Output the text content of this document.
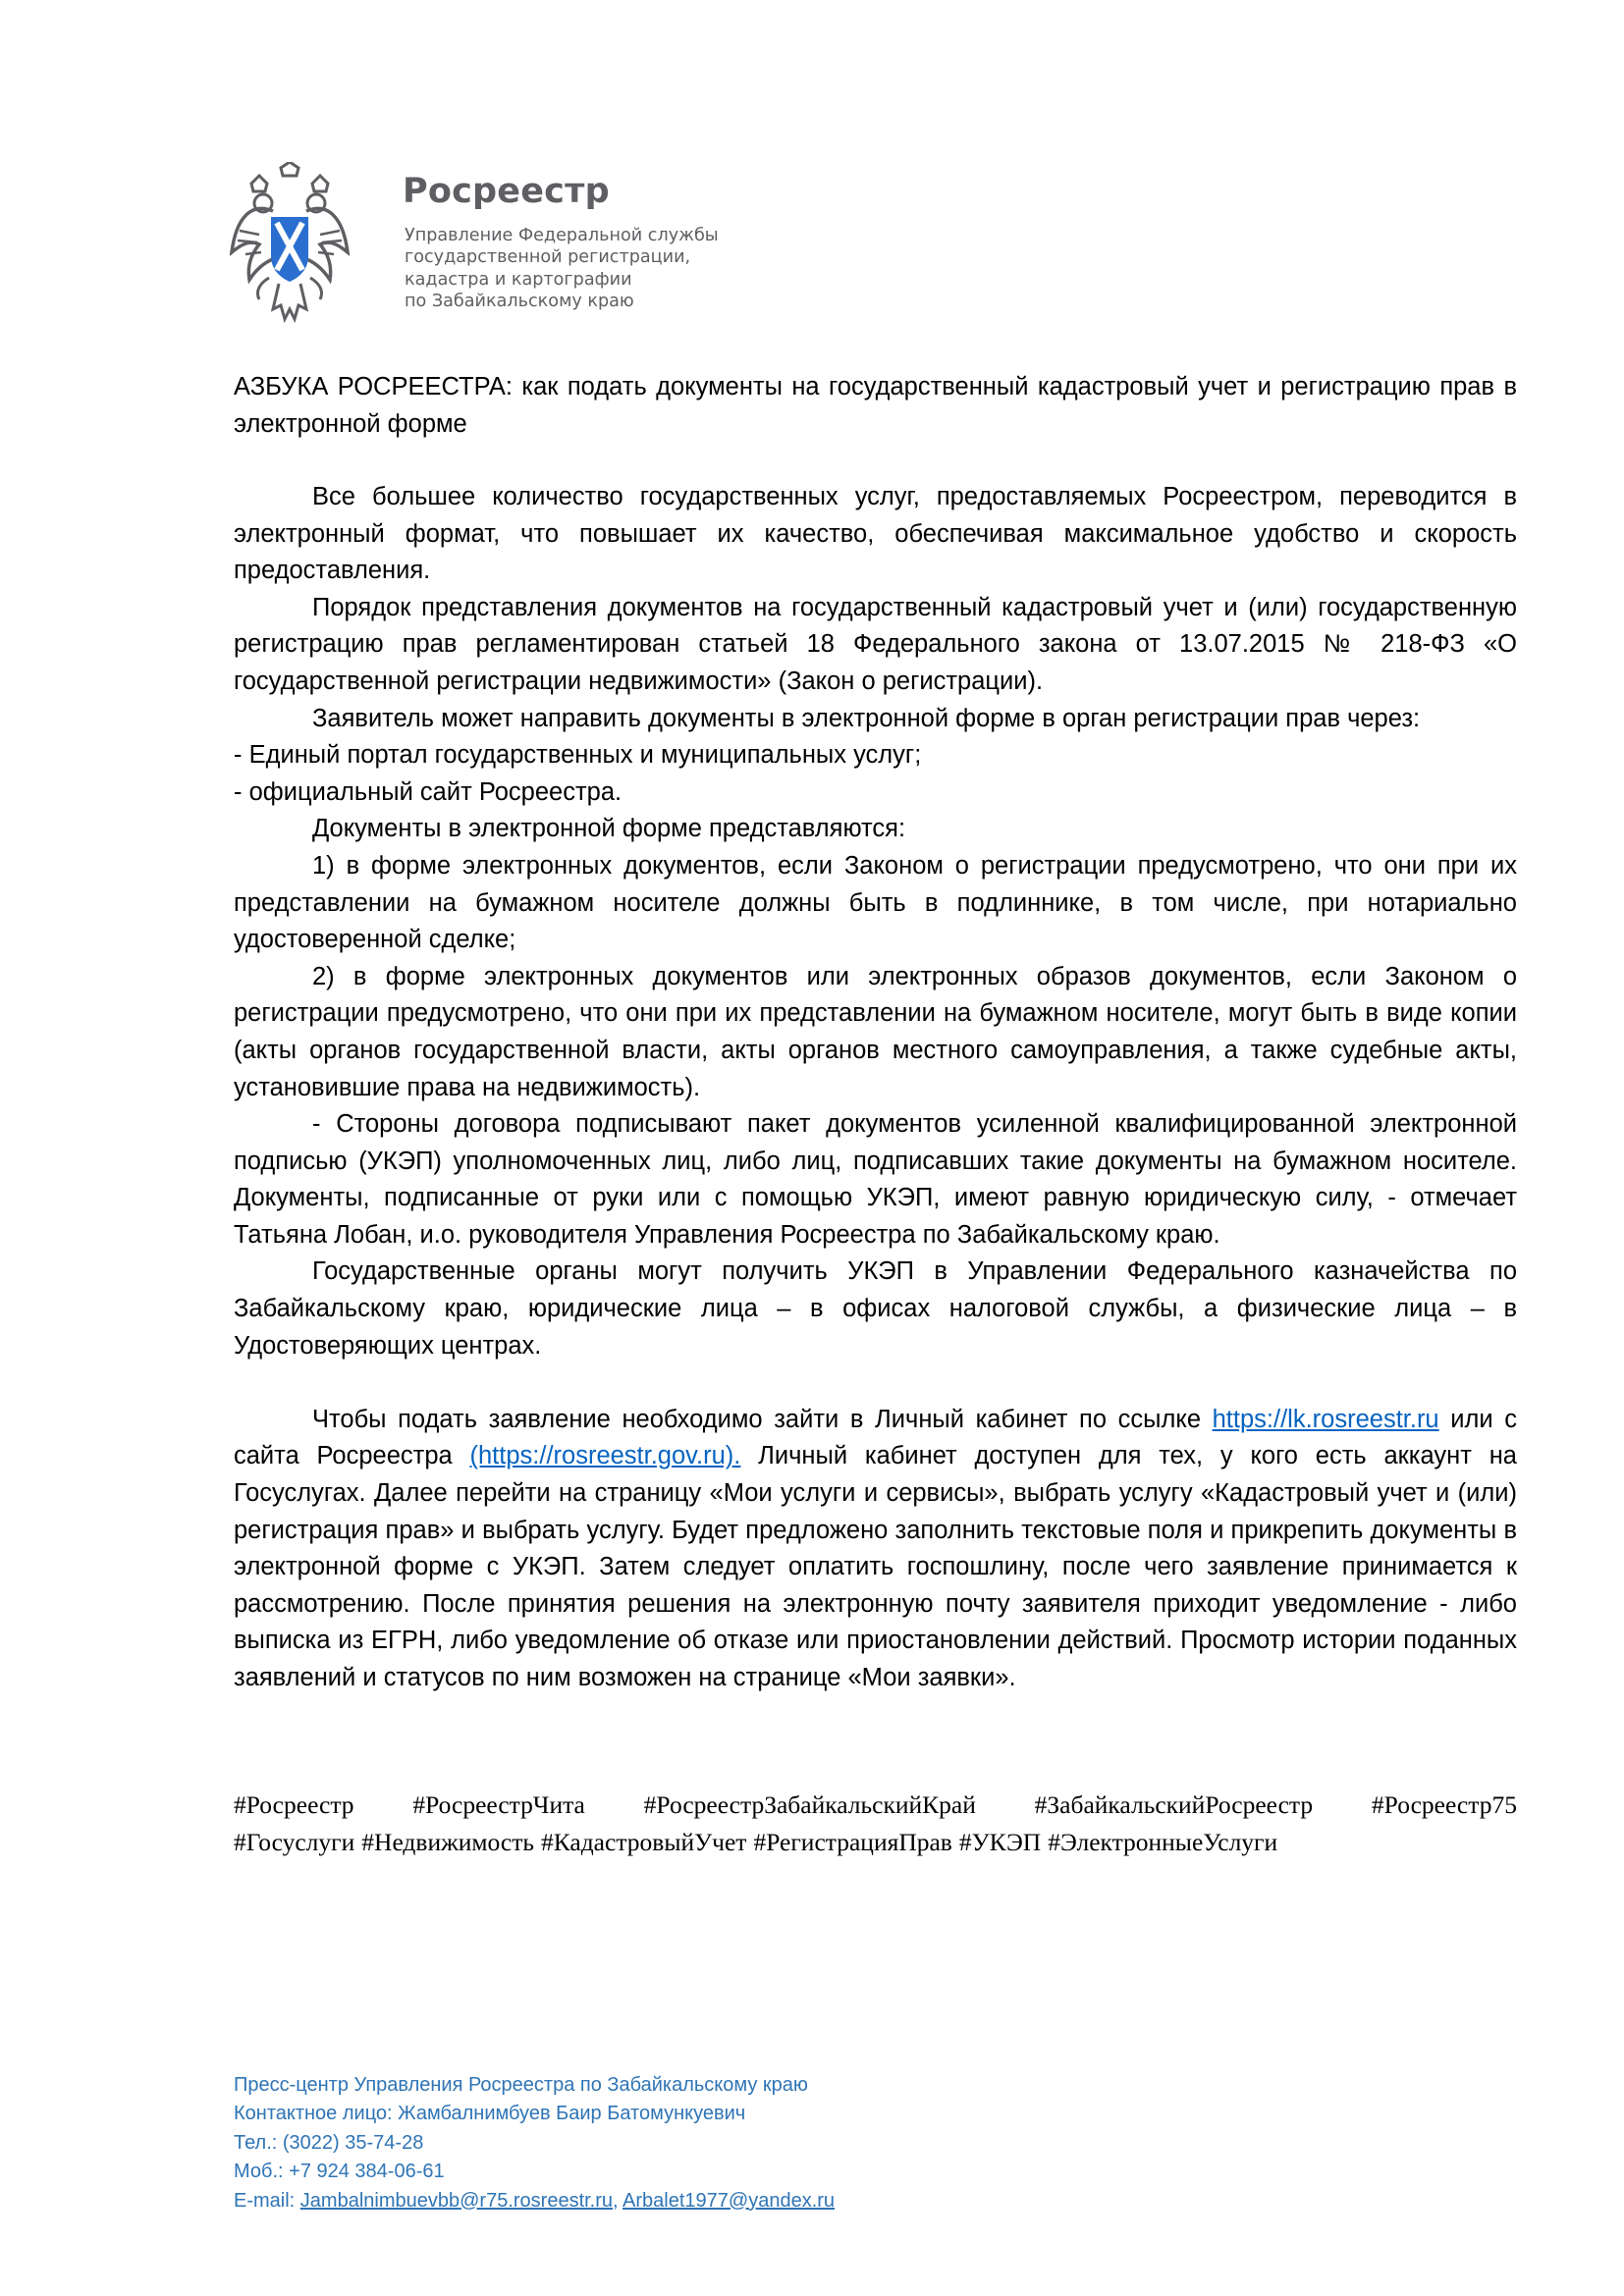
Росреестр
Управление Федеральной службы
государственной регистрации,
кадастра и картографии
по Забайкальскому краю
АЗБУКА РОСРЕЕСТРА: как подать документы на государственный кадастровый учет и регистрацию прав в электронной форме

Все большее количество государственных услуг, предоставляемых Росреестром, переводится в электронный формат, что повышает их качество, обеспечивая максимальное удобство и скорость предоставления.

Порядок представления документов на государственный кадастровый учет и (или) государственную регистрацию прав регламентирован статьей 18 Федерального закона от 13.07.2015 № 218-ФЗ «О государственной регистрации недвижимости» (Закон о регистрации).

Заявитель может направить документы в электронной форме в орган регистрации прав через:

- Единый портал государственных и муниципальных услуг;

- официальный сайт Росреестра.

Документы в электронной форме представляются:

1) в форме электронных документов, если Законом о регистрации предусмотрено, что они при их представлении на бумажном носителе должны быть в подлиннике, в том числе, при нотариально удостоверенной сделке;

2) в форме электронных документов или электронных образов документов, если Законом о регистрации предусмотрено, что они при их представлении на бумажном носителе, могут быть в виде копии (акты органов государственной власти, акты органов местного самоуправления, а также судебные акты, установившие права на недвижимость).

- Стороны договора подписывают пакет документов усиленной квалифицированной электронной подписью (УКЭП) уполномоченных лиц, либо лиц, подписавших такие документы на бумажном носителе. Документы, подписанные от руки или с помощью УКЭП, имеют равную юридическую силу, - отмечает Татьяна Лобан, и.о. руководителя Управления Росреестра по Забайкальскому краю.

Государственные органы могут получить УКЭП в Управлении Федерального казначейства по Забайкальскому краю, юридические лица – в офисах налоговой службы, а физические лица – в Удостоверяющих центрах.

Чтобы подать заявление необходимо зайти в Личный кабинет по ссылке https://lk.rosreestr.ru или с сайта Росреестра (https://rosreestr.gov.ru). Личный кабинет доступен для тех, у кого есть аккаунт на Госуслугах. Далее перейти на страницу «Мои услуги и сервисы», выбрать услугу «Кадастровый учет и (или) регистрация прав» и выбрать услугу. Будет предложено заполнить текстовые поля и прикрепить документы в электронной форме с УКЭП. Затем следует оплатить госпошлину, после чего заявление принимается к рассмотрению. После принятия решения на электронную почту заявителя приходит уведомление - либо выписка из ЕГРН, либо уведомление об отказе или приостановлении действий. Просмотр истории поданных заявлений и статусов по ним возможен на странице «Мои заявки».

#Росреестр #РосреестрЧита #РосреестрЗабайкальскийКрай #ЗабайкальскийРосреестр #Росреестр75
#Госуслуги #Недвижимость #КадастровыйУчет #РегистрацияПрав #УКЭП #ЭлектронныеУслуги
Пресс-центр Управления Росреестра по Забайкальскому краю
Контактное лицо: Жамбалнимбуев Баир Батомункуевич
Тел.: (3022) 35-74-28
Моб.: +7 924 384-06-61
E-mail: Jambalnimbuevbb@r75.rosreestr.ru, Arbalet1977@yandex.ru
